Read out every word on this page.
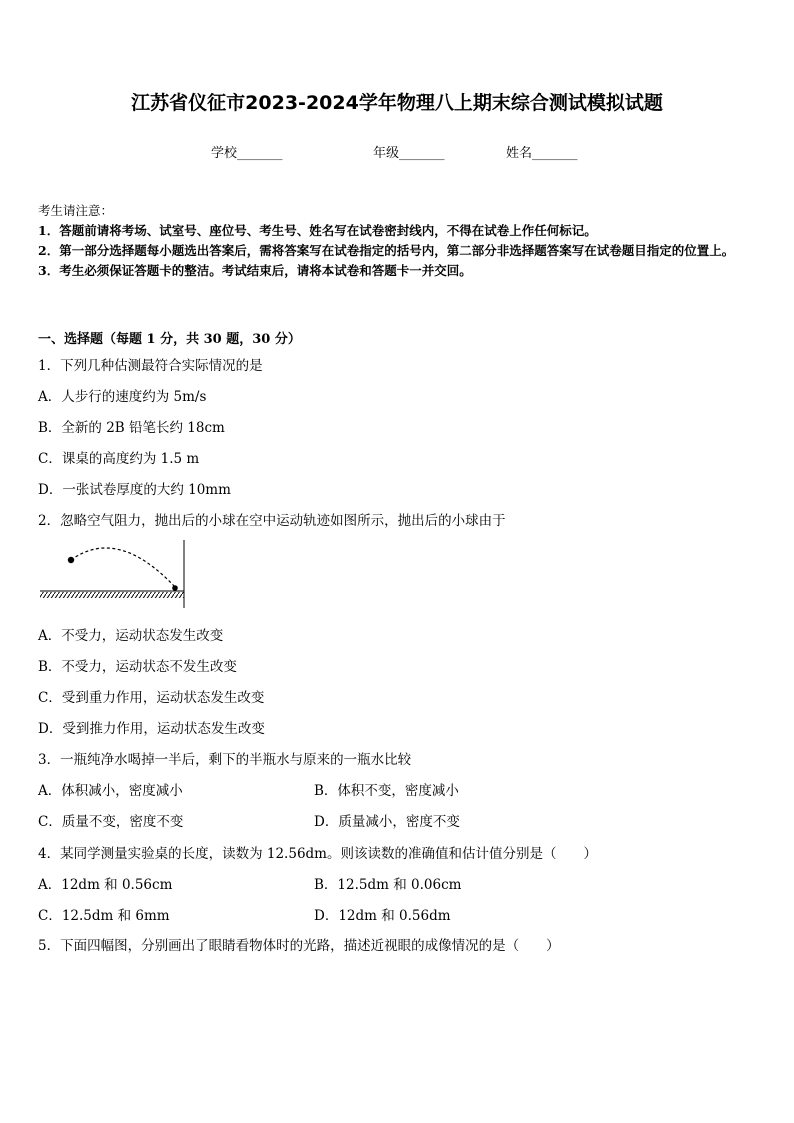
江苏省仪征市2023-2024学年物理八上期末综合测试模拟试题
学校_______	年级_______	姓名_______
考生请注意：
1．答题前请将考场、试室号、座位号、考生号、姓名写在试卷密封线内，不得在试卷上作任何标记。
2．第一部分选择题每小题选出答案后，需将答案写在试卷指定的括号内，第二部分非选择题答案写在试卷题目指定的位置上。
3．考生必须保证答题卡的整洁。考试结束后，请将本试卷和答题卡一并交回。
一、选择题（每题 1 分，共 30 题，30 分）
1．下列几种估测最符合实际情况的是
A．人步行的速度约为 5m/s
B．全新的 2B 铅笔长约 18cm
C．课桌的高度约为 1.5 m
D．一张试卷厚度的大约 10mm
2．忽略空气阻力，抛出后的小球在空中运动轨迹如图所示，抛出后的小球由于
A．不受力，运动状态发生改变
B．不受力，运动状态不发生改变
C．受到重力作用，运动状态发生改变
D．受到推力作用，运动状态发生改变
3．一瓶纯净水喝掉一半后，剩下的半瓶水与原来的一瓶水比较
A．体积减小，密度减小	B．体积不变，密度减小
C．质量不变，密度不变	D．质量减小，密度不变
4．某同学测量实验桌的长度，读数为 12.56dm。则该读数的准确值和估计值分别是（　　）
A．12dm 和 0.56cm	B．12.5dm 和 0.06cm
C．12.5dm 和 6mm	D．12dm 和 0.56dm
5．下面四幅图，分别画出了眼睛看物体时的光路，描述近视眼的成像情况的是（　　）
